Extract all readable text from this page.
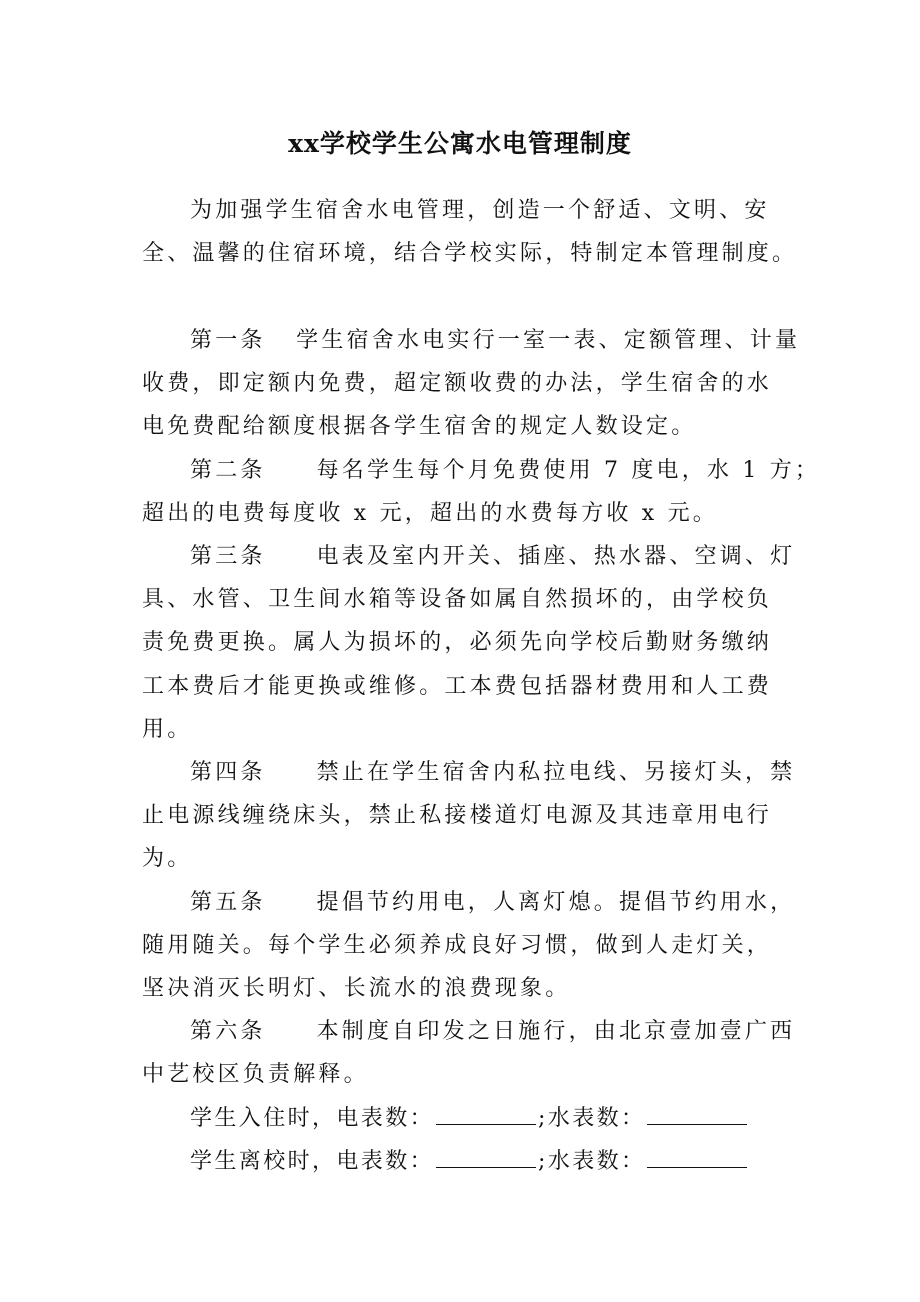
xx学校学生公寓水电管理制度
为加强学生宿舍水电管理，创造一个舒适、文明、安
全、温馨的住宿环境，结合学校实际，特制定本管理制度。
第一条   学生宿舍水电实行一室一表、定额管理、计量
收费，即定额内免费，超定额收费的办法，学生宿舍的水
电免费配给额度根据各学生宿舍的规定人数设定。
第二条     每名学生每个月免费使用 7 度电，水 1 方；
超出的电费每度收 x 元，超出的水费每方收 x 元。
第三条     电表及室内开关、插座、热水器、空调、灯
具、水管、卫生间水箱等设备如属自然损坏的，由学校负
责免费更换。属人为损坏的，必须先向学校后勤财务缴纳
工本费后才能更换或维修。工本费包括器材费用和人工费
用。
第四条     禁止在学生宿舍内私拉电线、另接灯头，禁
止电源线缠绕床头，禁止私接楼道灯电源及其违章用电行
为。
第五条     提倡节约用电，人离灯熄。提倡节约用水，
随用随关。每个学生必须养成良好习惯，做到人走灯关，
坚决消灭长明灯、长流水的浪费现象。
第六条     本制度自印发之日施行，由北京壹加壹广西
中艺校区负责解释。
学生入住时，电表数：	;水表数：
学生离校时，电表数：	;水表数：
